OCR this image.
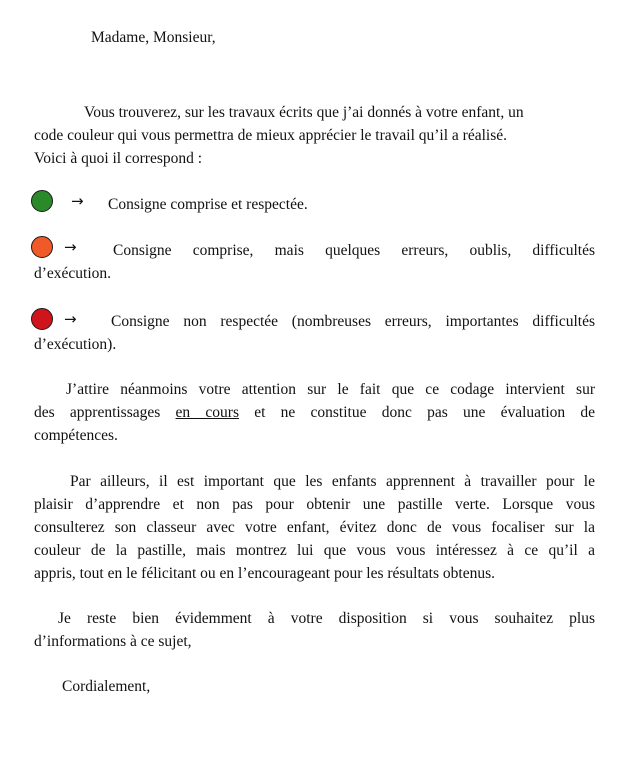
Madame, Monsieur,
Vous trouverez, sur les travaux écrits que j’ai donnés à votre enfant, un
code couleur qui vous permettra de mieux apprécier le travail qu’il a réalisé.
Voici à quoi il correspond :
→ Consigne comprise et respectée.
→ Consigne comprise, mais quelques erreurs, oublis, difficultés
d’exécution.
→ Consigne non respectée (nombreuses erreurs, importantes difficultés
d’exécution).
J’attire néanmoins votre attention sur le fait que ce codage intervient sur
des apprentissages en cours et ne constitue donc pas une évaluation de
compétences.
Par ailleurs, il est important que les enfants apprennent à travailler pour le
plaisir d’apprendre et non pas pour obtenir une pastille verte. Lorsque vous
consulterez son classeur avec votre enfant, évitez donc de vous focaliser sur la
couleur de la pastille, mais montrez lui que vous vous intéressez à ce qu’il a
appris, tout en le félicitant ou en l’encourageant pour les résultats obtenus.
Je reste bien évidemment à votre disposition si vous souhaitez plus
d’informations à ce sujet,
Cordialement,
